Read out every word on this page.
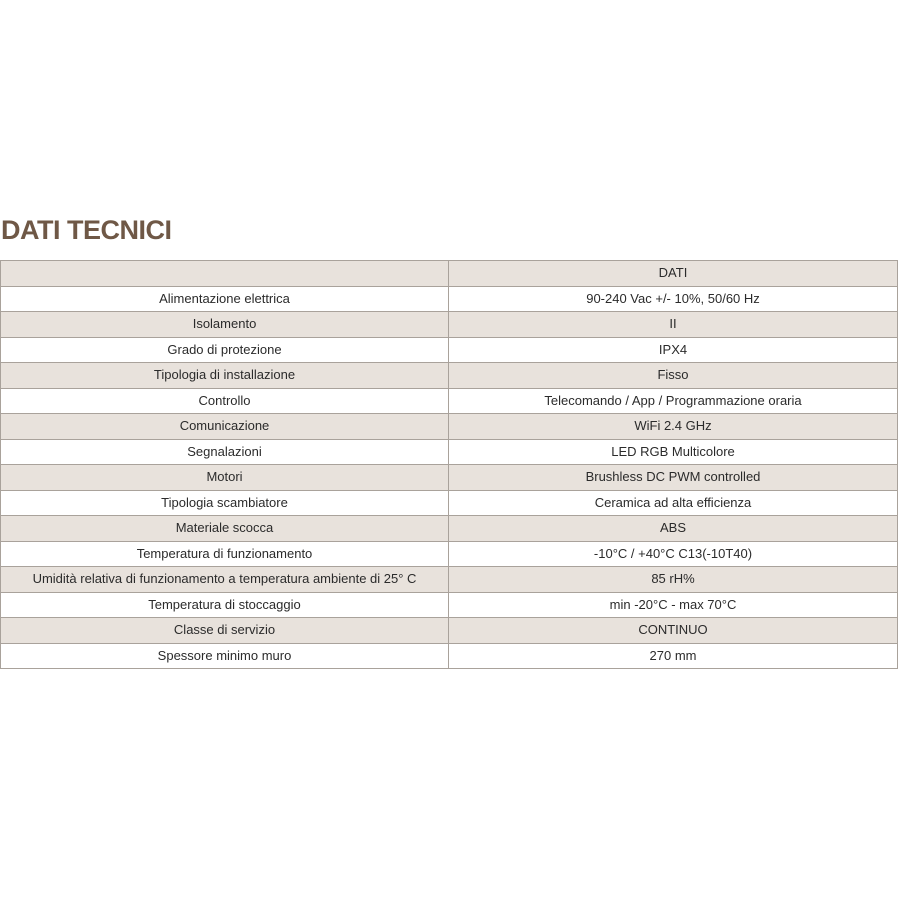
DATI TECNICI
	DATI
Alimentazione elettrica	90-240 Vac +/- 10%, 50/60 Hz
Isolamento	II
Grado di protezione	IPX4
Tipologia di installazione	Fisso
Controllo	Telecomando / App / Programmazione oraria
Comunicazione	WiFi 2.4 GHz
Segnalazioni	LED RGB Multicolore
Motori	Brushless DC PWM controlled
Tipologia scambiatore	Ceramica ad alta efficienza
Materiale scocca	ABS
Temperatura di funzionamento	-10°C / +40°C C13(-10T40)
Umidità relativa di funzionamento a temperatura ambiente di 25° C	85 rH%
Temperatura di stoccaggio	min -20°C - max 70°C
Classe di servizio	CONTINUO
Spessore minimo muro	270 mm
